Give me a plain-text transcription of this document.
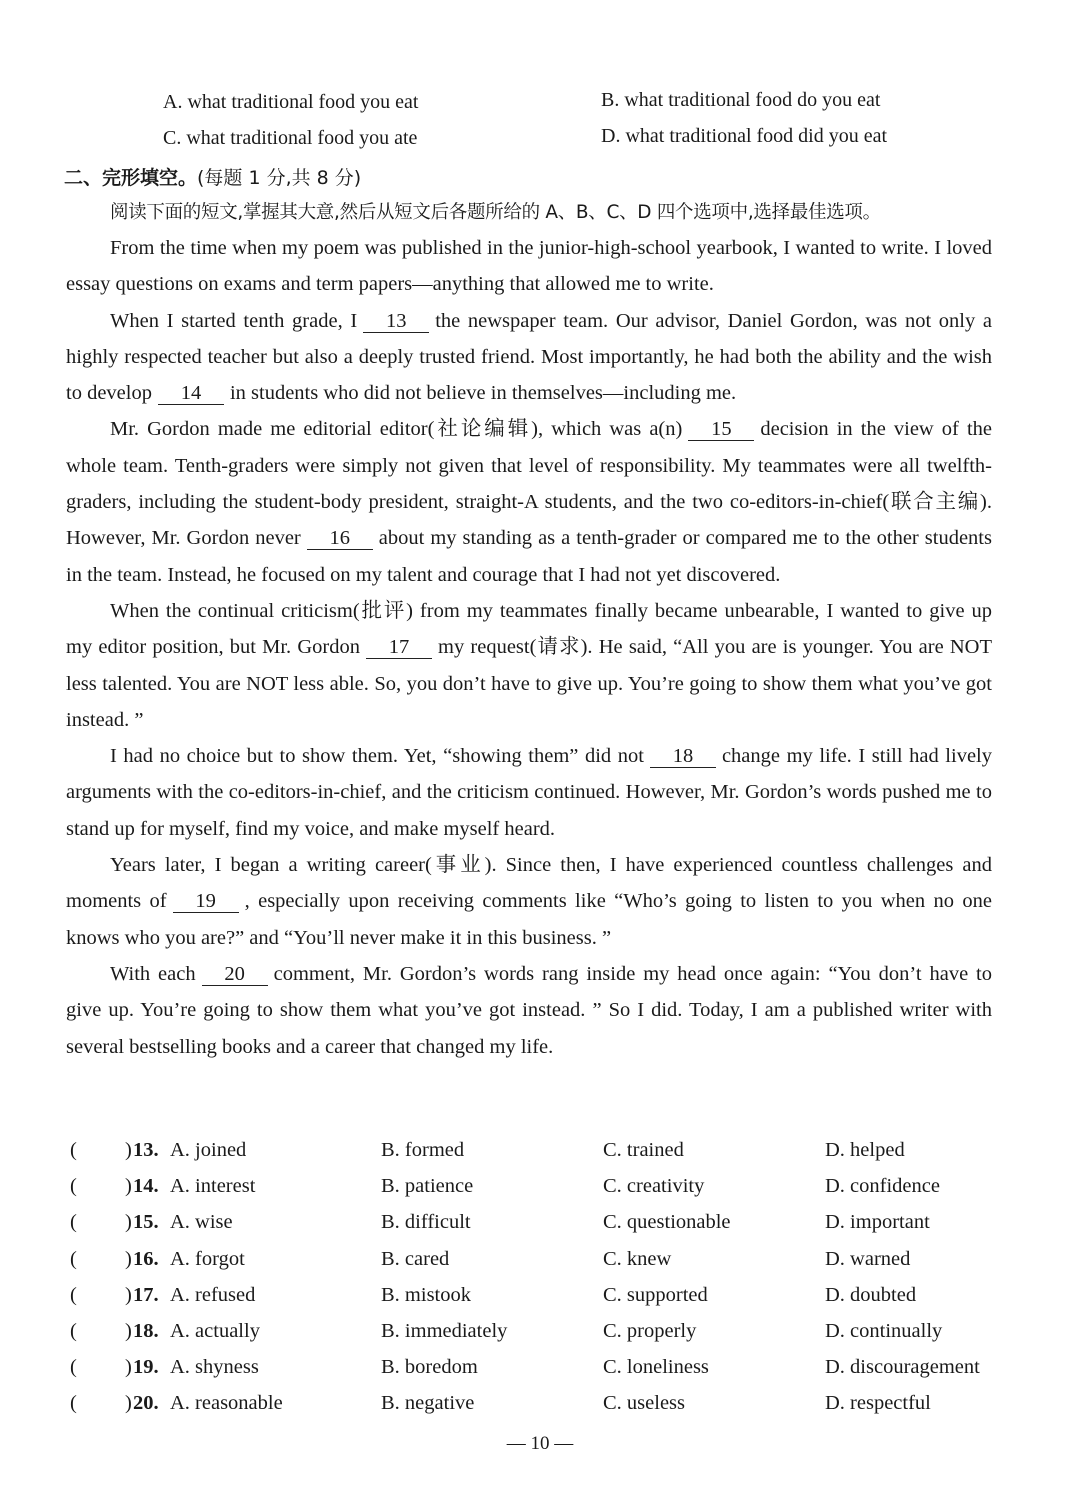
A. what traditional food you eat	B. what traditional food do you eat
C. what traditional food you ate	D. what traditional food did you eat
二、完形填空。(每题 1 分,共 8 分)
阅读下面的短文,掌握其大意,然后从短文后各题所给的 A、B、C、D 四个选项中,选择最佳选项。

From the time when my poem was published in the junior-high-school yearbook, I wanted to write. I loved essay questions on exams and term papers—anything that allowed me to write.

When I started tenth grade, I 13 the newspaper team. Our advisor, Daniel Gordon, was not only a highly respected teacher but also a deeply trusted friend. Most importantly, he had both the ability and the wish to develop 14 in students who did not believe in themselves—including me.

Mr. Gordon made me editorial editor(社论编辑), which was a(n) 15 decision in the view of the whole team. Tenth-graders were simply not given that level of responsibility. My teammates were all twelfth-graders, including the student-body president, straight-A students, and the two co-editors-in-chief(联合主编). However, Mr. Gordon never 16 about my standing as a tenth-grader or compared me to the other students in the team. Instead, he focused on my talent and courage that I had not yet discovered.

When the continual criticism(批评) from my teammates finally became unbearable, I wanted to give up my editor position, but Mr. Gordon 17 my request(请求). He said, “All you are is younger. You are NOT less talented. You are NOT less able. So, you don’t have to give up. You’re going to show them what you’ve got instead. ”

I had no choice but to show them. Yet, “showing them” did not 18 change my life. I still had lively arguments with the co-editors-in-chief, and the criticism continued. However, Mr. Gordon’s words pushed me to stand up for myself, find my voice, and make myself heard.

Years later, I began a writing career(事业). Since then, I have experienced countless challenges and moments of 19 , especially upon receiving comments like “Who’s going to listen to you when no one knows who you are?” and “You’ll never make it in this business. ”

With each 20 comment, Mr. Gordon’s words rang inside my head once again: “You don’t have to give up. You’re going to show them what you’ve got instead. ” So I did. Today, I am a published writer with several bestselling books and a career that changed my life.

( ) 13. A. joined	B. formed	C. trained	D. helped
( ) 14. A. interest	B. patience	C. creativity	D. confidence
( ) 15. A. wise	B. difficult	C. questionable	D. important
( ) 16. A. forgot	B. cared	C. knew	D. warned
( ) 17. A. refused	B. mistook	C. supported	D. doubted
( ) 18. A. actually	B. immediately	C. properly	D. continually
( ) 19. A. shyness	B. boredom	C. loneliness	D. discouragement
( ) 20. A. reasonable	B. negative	C. useless	D. respectful
— 10 —
